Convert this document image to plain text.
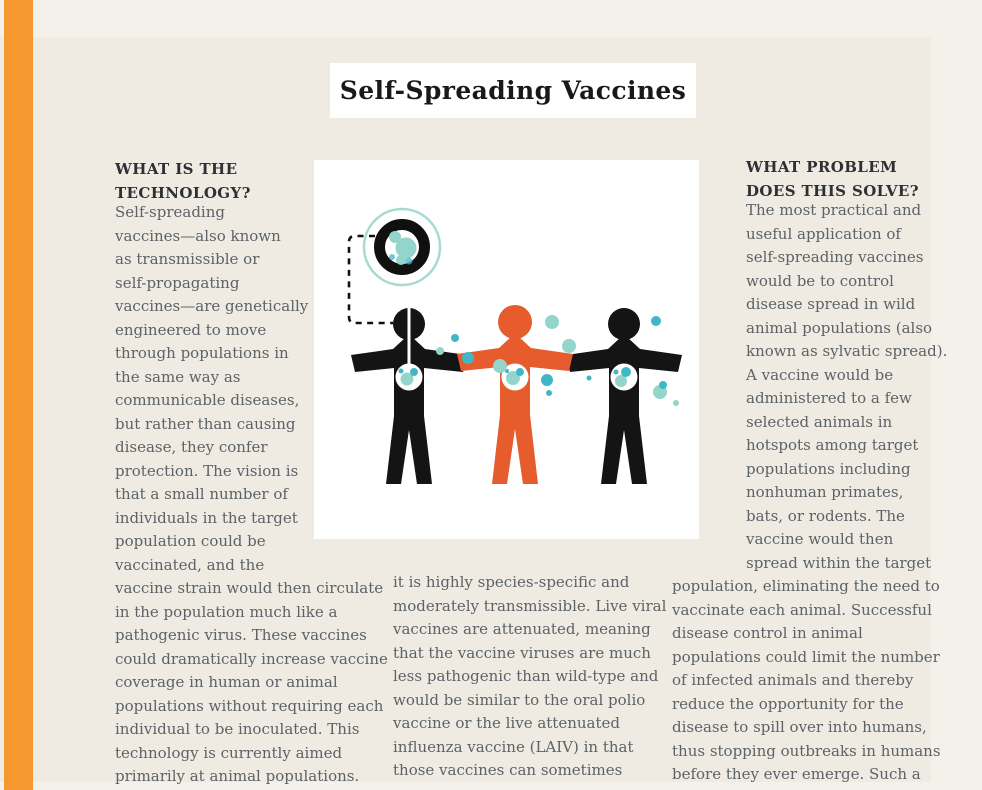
Self-Spreading Vaccines
WHAT IS THE
TECHNOLOGY?
Self-spreading
vaccines—also known
as transmissible or
self-propagating
vaccines—are genetically
engineered to move
through populations in
the same way as
communicable diseases,
but rather than causing
disease, they confer
protection. The vision is
that a small number of
individuals in the target
population could be
vaccinated, and the
vaccine strain would then circulate
in the population much like a
pathogenic virus. These vaccines
could dramatically increase vaccine
coverage in human or animal
populations without requiring each
individual to be inoculated. This
technology is currently aimed
primarily at animal populations.
it is highly species-specific and
moderately transmissible. Live viral
vaccines are attenuated, meaning
that the vaccine viruses are much
less pathogenic than wild-type and
would be similar to the oral polio
vaccine or the live attenuated
influenza vaccine (LAIV) in that
those vaccines can sometimes
WHAT PROBLEM
DOES THIS SOLVE?
The most practical and
useful application of
self-spreading vaccines
would be to control
disease spread in wild
animal populations (also
known as sylvatic spread).
A vaccine would be
administered to a few
selected animals in
hotspots among target
populations including
nonhuman primates,
bats, or rodents. The
vaccine would then
spread within the target
population, eliminating the need to
vaccinate each animal. Successful
disease control in animal
populations could limit the number
of infected animals and thereby
reduce the opportunity for the
disease to spill over into humans,
thus stopping outbreaks in humans
before they ever emerge. Such a
